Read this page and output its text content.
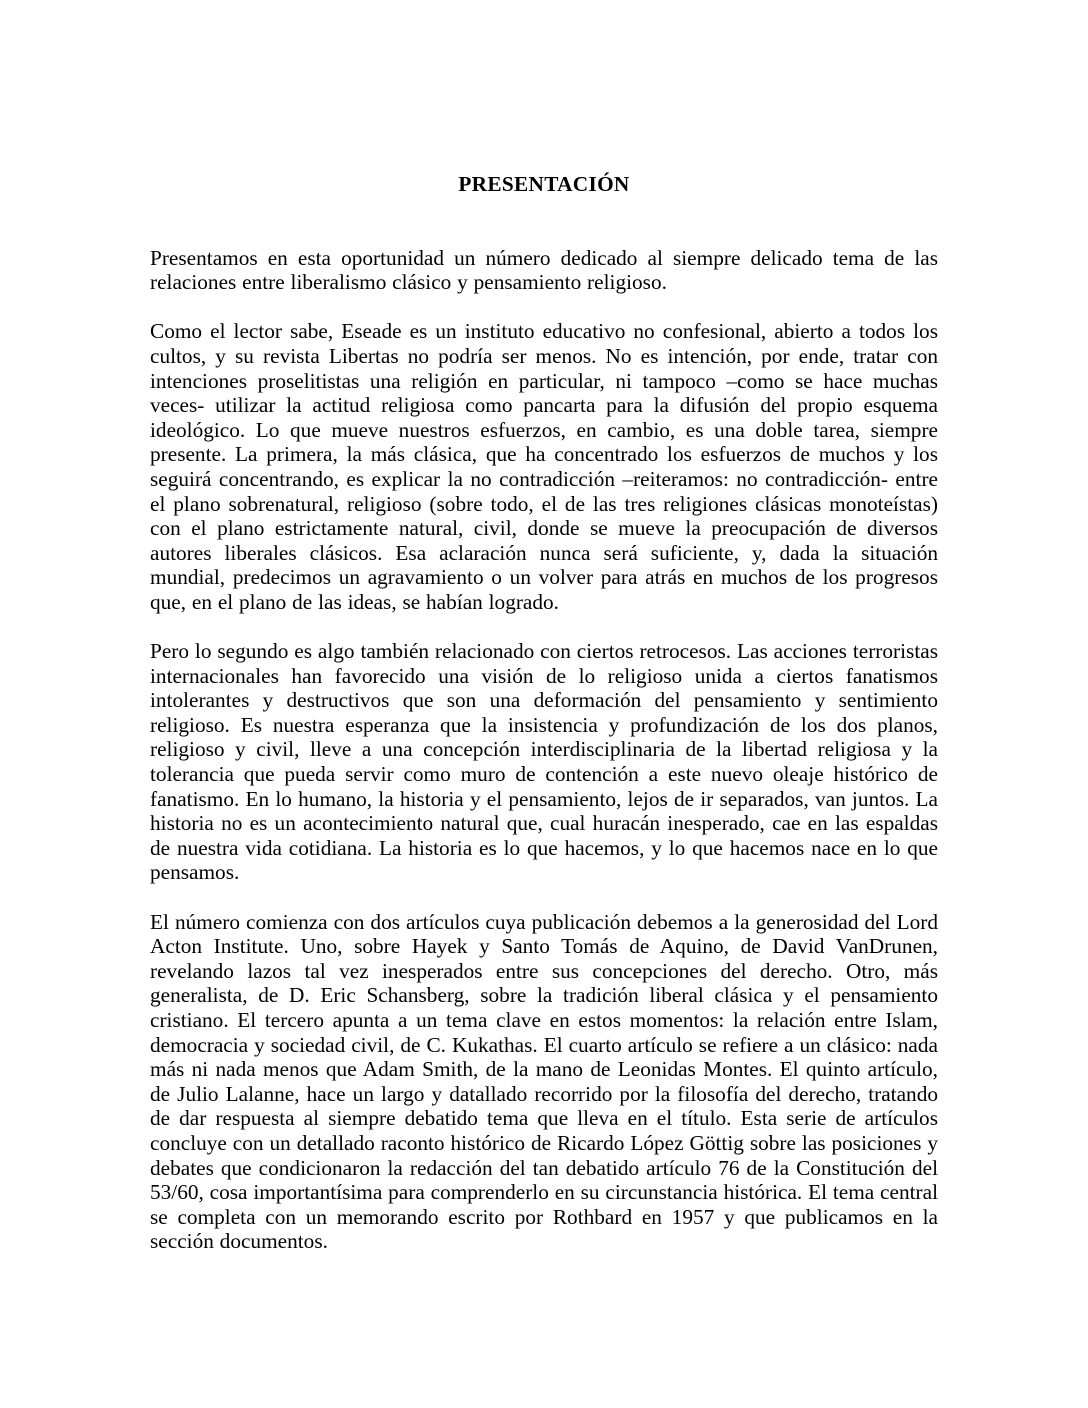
PRESENTACIÓN

Presentamos en esta oportunidad un número dedicado al siempre delicado tema de las relaciones entre liberalismo clásico y pensamiento religioso.

Como el lector sabe, Eseade es un instituto educativo no confesional, abierto a todos los cultos, y su revista Libertas no podría ser menos. No es intención, por ende, tratar con intenciones proselitistas una religión en particular, ni tampoco –como se hace muchas veces- utilizar la actitud religiosa como pancarta para la difusión del propio esquema ideológico. Lo que mueve nuestros esfuerzos, en cambio, es una doble tarea, siempre presente. La primera, la más clásica, que ha concentrado los esfuerzos de muchos y los seguirá concentrando, es explicar la no contradicción –reiteramos: no contradicción- entre el plano sobrenatural, religioso (sobre todo, el de las tres religiones clásicas monoteístas) con el plano estrictamente natural, civil, donde se mueve la preocupación de diversos autores liberales clásicos. Esa aclaración nunca será suficiente, y, dada la situación mundial, predecimos un agravamiento o un volver para atrás en muchos de los progresos que, en el plano de las ideas, se habían logrado.

Pero lo segundo es algo también relacionado con ciertos retrocesos. Las acciones terroristas internacionales han favorecido una visión de lo religioso unida a ciertos fanatismos intolerantes y destructivos que son una deformación del pensamiento y sentimiento religioso. Es nuestra esperanza que la insistencia y profundización de los dos planos, religioso y civil, lleve a una concepción interdisciplinaria de la libertad religiosa y la tolerancia que pueda servir como muro de contención a este nuevo oleaje histórico de fanatismo. En lo humano, la historia y el pensamiento, lejos de ir separados, van juntos. La historia no es un acontecimiento natural que, cual huracán inesperado, cae en las espaldas de nuestra vida cotidiana. La historia es lo que hacemos, y lo que hacemos nace en lo que pensamos.

El número comienza con dos artículos cuya publicación debemos a la generosidad del Lord Acton Institute. Uno, sobre Hayek y Santo Tomás de Aquino, de David VanDrunen, revelando lazos tal vez inesperados entre sus concepciones del derecho. Otro, más generalista, de D. Eric Schansberg, sobre la tradición liberal clásica y el pensamiento cristiano. El tercero apunta a un tema clave en estos momentos: la relación entre Islam, democracia y sociedad civil, de C. Kukathas. El cuarto artículo se refiere a un clásico: nada más ni nada menos que Adam Smith, de la mano de Leonidas Montes. El quinto artículo, de Julio Lalanne, hace un largo y datallado recorrido por la filosofía del derecho, tratando de dar respuesta al siempre debatido tema que lleva en el título. Esta serie de artículos concluye con un detallado raconto histórico de Ricardo López Göttig sobre las posiciones y debates que condicionaron la redacción del tan debatido artículo 76 de la Constitución del 53/60, cosa importantísima para comprenderlo en su circunstancia histórica. El tema central se completa con un memorando escrito por Rothbard en 1957 y que publicamos en la sección documentos.
